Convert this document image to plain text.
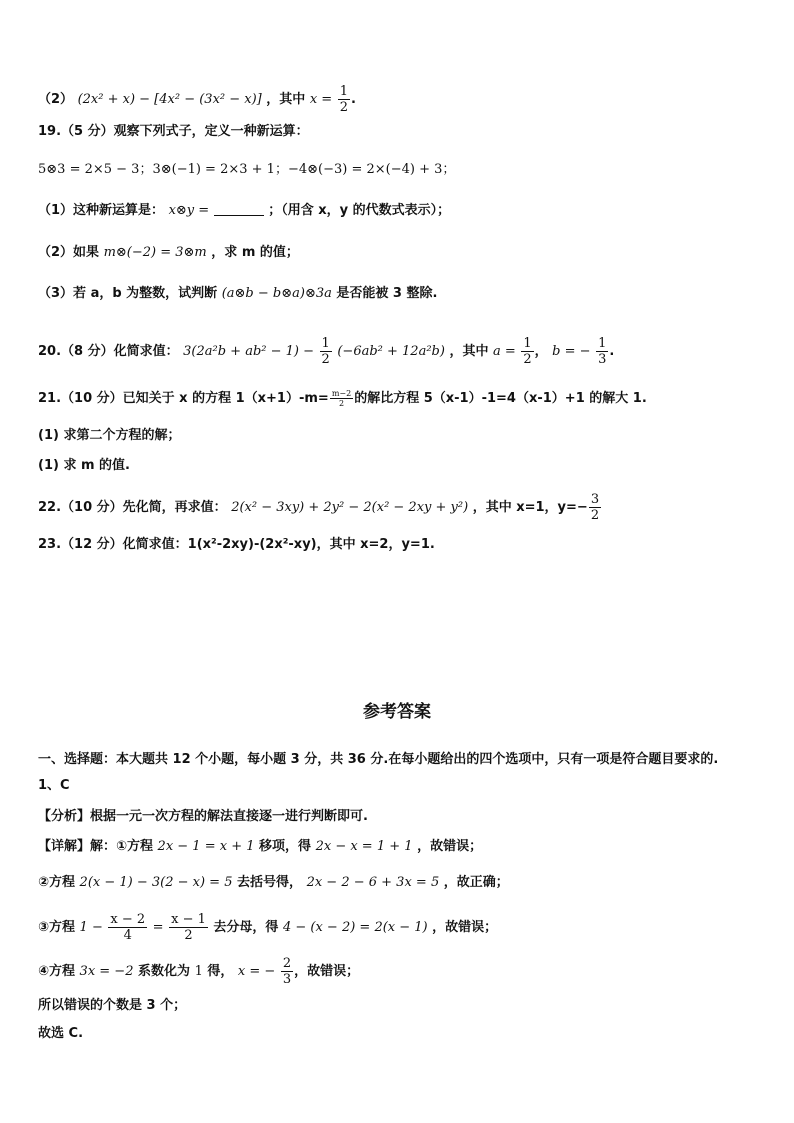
（2） (2x² + x) − [4x² − (3x² − x)] ，其中 $x = \frac{1}{2}$ .
19.（5 分）观察下列式子，定义一种新运算：
5⊗3 = 2×5 − 3；3⊗(−1) = 2×3 + 1；−4⊗(−3) = 2×(−4) + 3；
（1）这种新运算是： x⊗y =	；（用含 x，y 的代数式表示）；
（2）如果 m⊗(−2) = 3⊗m ，求 m 的值；
（3）若 a，b 为整数，试判断 (a⊗b − b⊗a)⊗3a 是否能被 3 整除.
20.（8 分）化简求值： $3(2a^2b + ab^2 - 1) - \frac{1}{2} (-6ab^2 + 12a^2b)$ ，其中 $a = \frac{1}{2}$ ， b = − $\frac{1}{3}$ .
21.（10 分）已知关于 x 的方程 $1(x+1)-m= \frac{m-2}{2}$ 的解比方程 5（x-1）-1=4（x-1）+1 的解大 1.
(1) 求第二个方程的解；
(1) 求 m 的值.
22.（10 分）先化简，再求值： 2(x² − 3xy) + 2y² − 2(x² − 2xy + y²) ，其中 x=1，$y=- \frac{3}{2}$
23.（12 分）化简求值：1(x²-2xy)-(2x²-xy)，其中 x=2，y=1.
参考答案
一、选择题：本大题共 12 个小题，每小题 3 分，共 36 分.在每小题给出的四个选项中，只有一项是符合题目要求的.
1、C
【分析】根据一元一次方程的解法直接逐一进行判断即可.
【详解】解：①方程 2x − 1 = x + 1 移项，得 2x − x = 1 + 1 ，故错误；
②方程 2(x − 1) − 3(2 − x) = 5 去括号得， 2x − 2 − 6 + 3x = 5 ，故正确；
③方程 $1 - \frac{x - 2}{4} = \frac{x - 1}{2}$ 去分母，得 4 − (x − 2) = 2(x − 1) ，故错误；
④方程 3x = −2 系数化为 1 得， x = − $\frac{2}{3}$ ，故错误；
所以错误的个数是 3 个；
故选 C.
